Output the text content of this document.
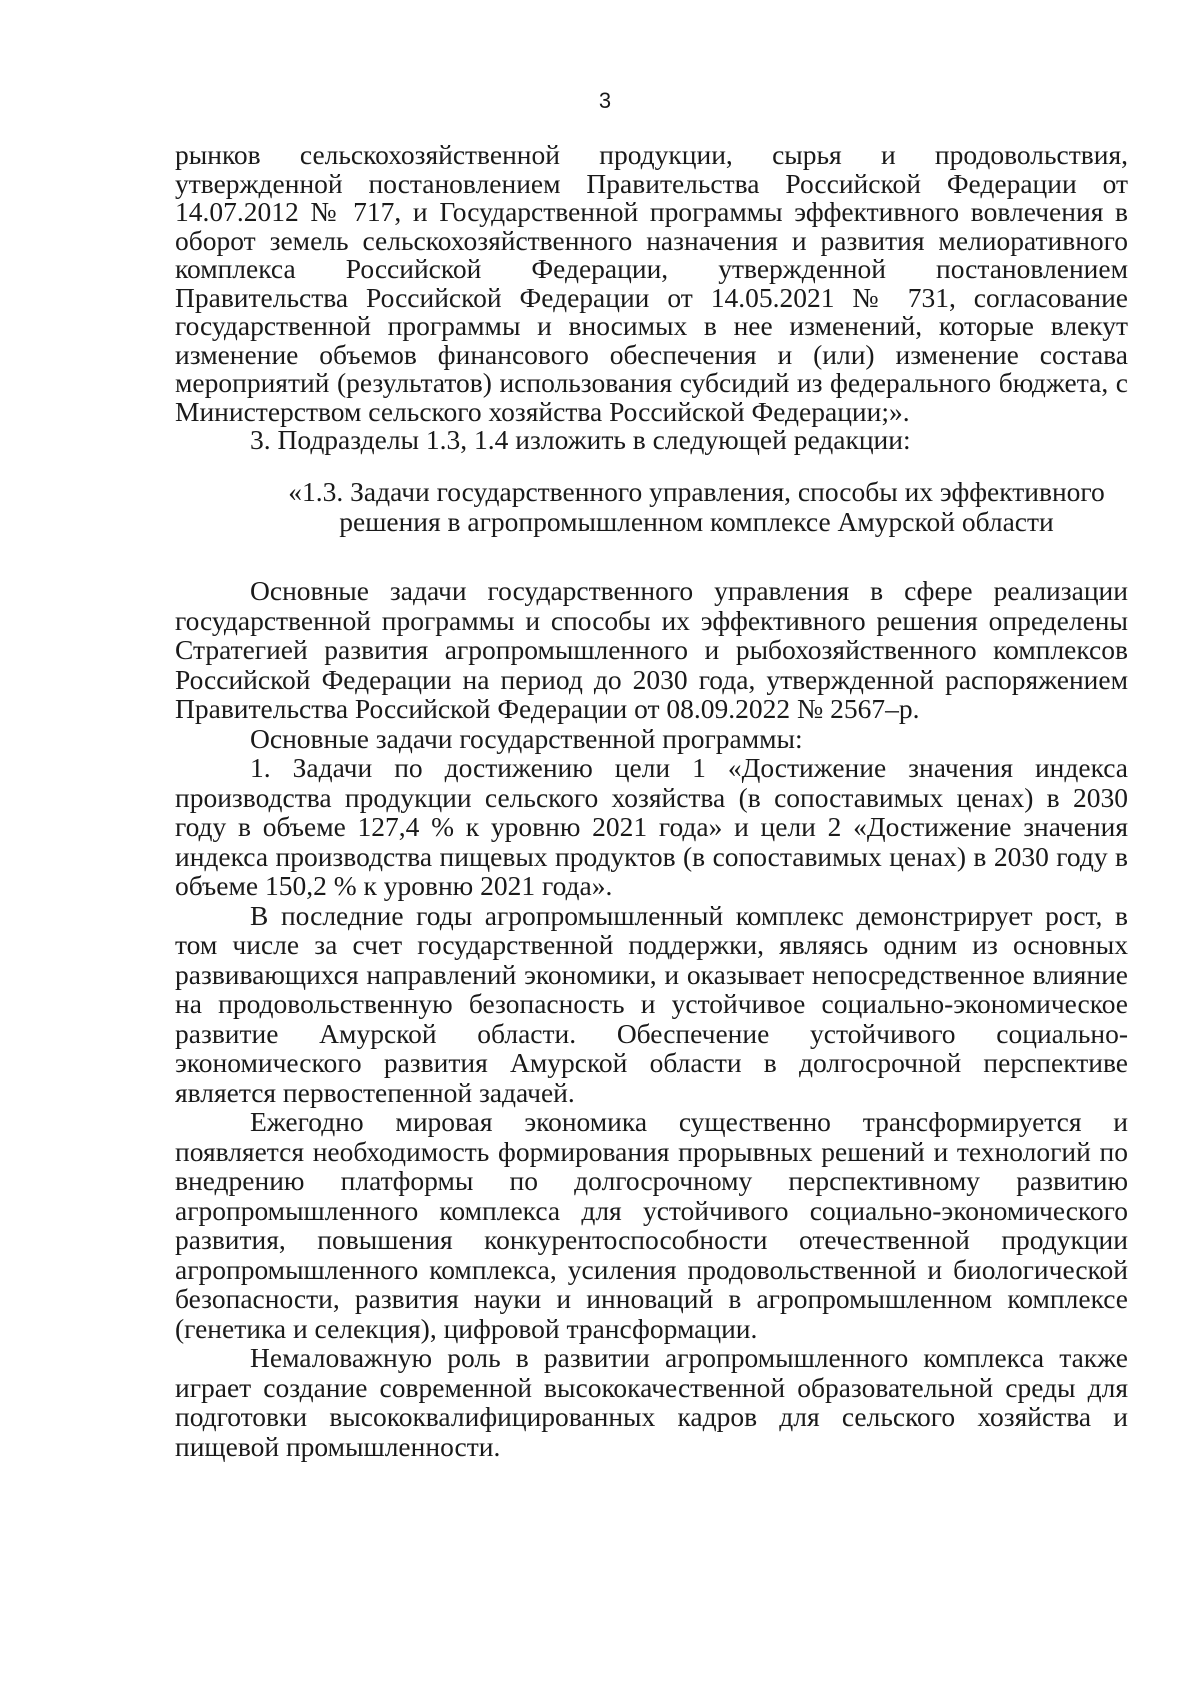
3

рынков сельскохозяйственной продукции, сырья и продовольствия, утвержденной постановлением Правительства Российской Федерации от 14.07.2012 № 717, и Государственной программы эффективного вовлечения в оборот земель сельскохозяйственного назначения и развития мелиоративного комплекса Российской Федерации, утвержденной постановлением Правительства Российской Федерации от 14.05.2021 № 731, согласование государственной программы и вносимых в нее изменений, которые влекут изменение объемов финансового обеспечения и (или) изменение состава мероприятий (результатов) использования субсидий из федерального бюджета, с Министерством сельского хозяйства Российской Федерации;».

3. Подразделы 1.3, 1.4 изложить в следующей редакции:

«1.3. Задачи государственного управления, способы их эффективного
решения в агропромышленном комплексе Амурской области

Основные задачи государственного управления в сфере реализации государственной программы и способы их эффективного решения определены Стратегией развития агропромышленного и рыбохозяйственного комплексов Российской Федерации на период до 2030 года, утвержденной распоряжением Правительства Российской Федерации от 08.09.2022 № 2567–р.

Основные задачи государственной программы:

1. Задачи по достижению цели 1 «Достижение значения индекса производства продукции сельского хозяйства (в сопоставимых ценах) в 2030 году в объеме 127,4 % к уровню 2021 года» и цели 2 «Достижение значения индекса производства пищевых продуктов (в сопоставимых ценах) в 2030 году в объеме 150,2 % к уровню 2021 года».

В последние годы агропромышленный комплекс демонстрирует рост, в том числе за счет государственной поддержки, являясь одним из основных развивающихся направлений экономики, и оказывает непосредственное влияние на продовольственную безопасность и устойчивое социально-экономическое развитие Амурской области. Обеспечение устойчивого социально-экономического развития Амурской области в долгосрочной перспективе является первостепенной задачей.

Ежегодно мировая экономика существенно трансформируется и появляется необходимость формирования прорывных решений и технологий по внедрению платформы по долгосрочному перспективному развитию агропромышленного комплекса для устойчивого социально-экономического развития, повышения конкурентоспособности отечественной продукции агропромышленного комплекса, усиления продовольственной и биологической безопасности, развития науки и инноваций в агропромышленном комплексе (генетика и селекция), цифровой трансформации.

Немаловажную роль в развитии агропромышленного комплекса также играет создание современной высококачественной образовательной среды для подготовки высококвалифицированных кадров для сельского хозяйства и пищевой промышленности.
